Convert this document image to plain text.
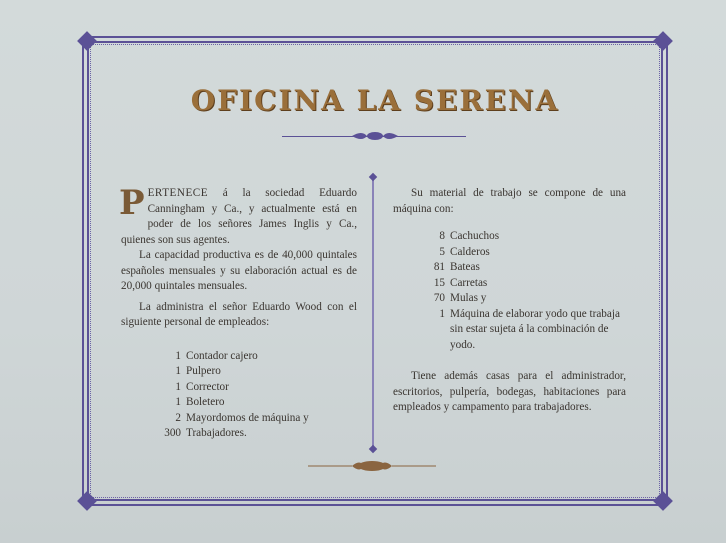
OFICINA LA SERENA

PERTENECE á la sociedad Eduardo Canningham y Ca., y actualmente está en poder de los señores James Inglis y Ca., quienes son sus agentes.

La capacidad productiva es de 40,000 quintales españoles mensuales y su elaboración actual es de 20,000 quintales mensuales.

La administra el señor Eduardo Wood con el siguiente personal de empleados:

1 Contador cajero
1 Pulpero
1 Corrector
1 Boletero
2 Mayordomos de máquina y
300 Trabajadores.

Su material de trabajo se compone de una máquina con:

8 Cachuchos
5 Calderos
81 Bateas
15 Carretas
70 Mulas y
1 Máquina de elaborar yodo que trabaja sin estar sujeta á la combinación de yodo.

Tiene además casas para el administrador, escritorios, pulpería, bodegas, habitaciones para empleados y campamento para trabajadores.
